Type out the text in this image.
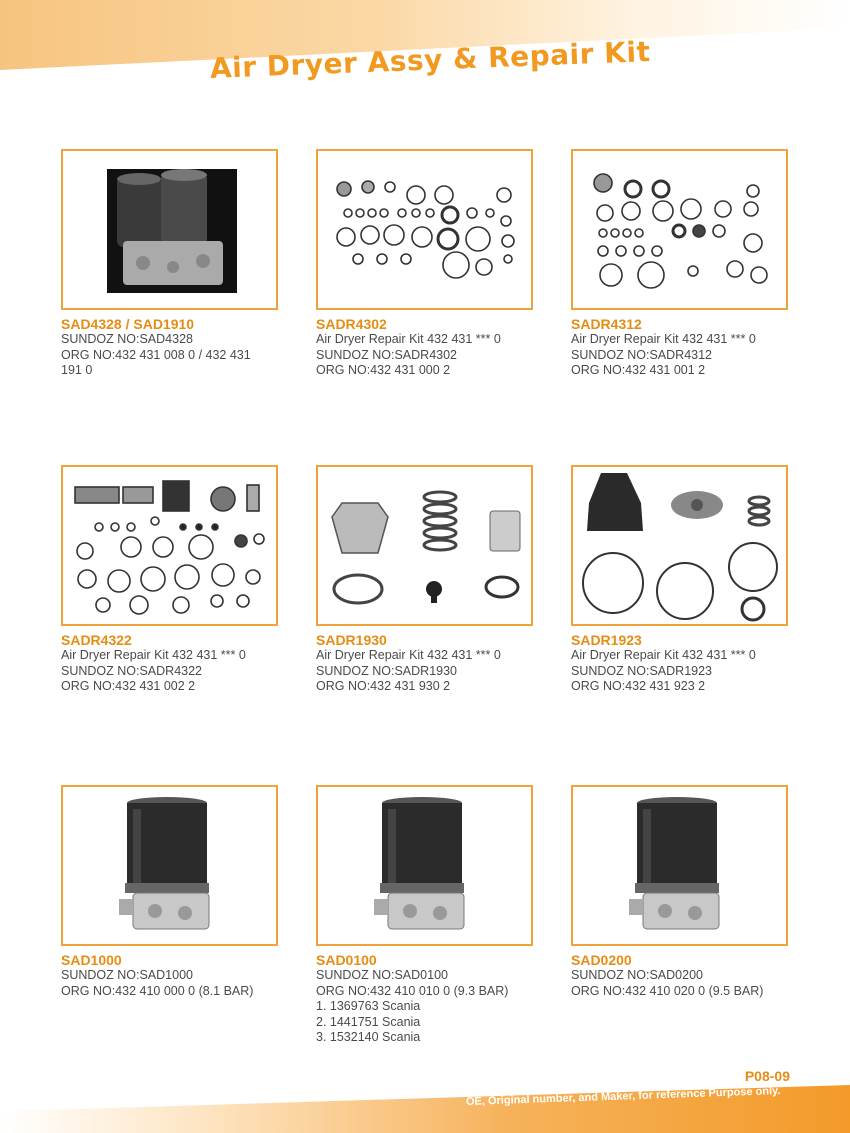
Air Dryer Assy & Repair Kit
SAD4328 / SAD1910
SUNDOZ NO:SAD4328
ORG NO:432 431 008 0 / 432 431
191 0
SADR4302
Air Dryer Repair Kit 432 431 *** 0
SUNDOZ NO:SADR4302
ORG NO:432 431 000 2
SADR4312
Air Dryer Repair Kit 432 431 *** 0
SUNDOZ NO:SADR4312
ORG NO:432 431 001 2
SADR4322
Air Dryer Repair Kit 432 431 *** 0
SUNDOZ NO:SADR4322
ORG NO:432 431 002 2
SADR1930
Air Dryer Repair Kit 432 431 *** 0
SUNDOZ NO:SADR1930
ORG NO:432 431 930 2
SADR1923
Air Dryer Repair Kit 432 431 *** 0
SUNDOZ NO:SADR1923
ORG NO:432 431 923 2
SAD1000
SUNDOZ NO:SAD1000
ORG NO:432 410 000 0 (8.1 BAR)
SAD0100
SUNDOZ NO:SAD0100
ORG NO:432 410 010 0 (9.3 BAR)
1. 1369763 Scania
2. 1441751 Scania
3. 1532140 Scania
SAD0200
SUNDOZ NO:SAD0200
ORG NO:432 410 020 0 (9.5 BAR)
P08-09
OE, Original number, and Maker, for reference Purpose only.
